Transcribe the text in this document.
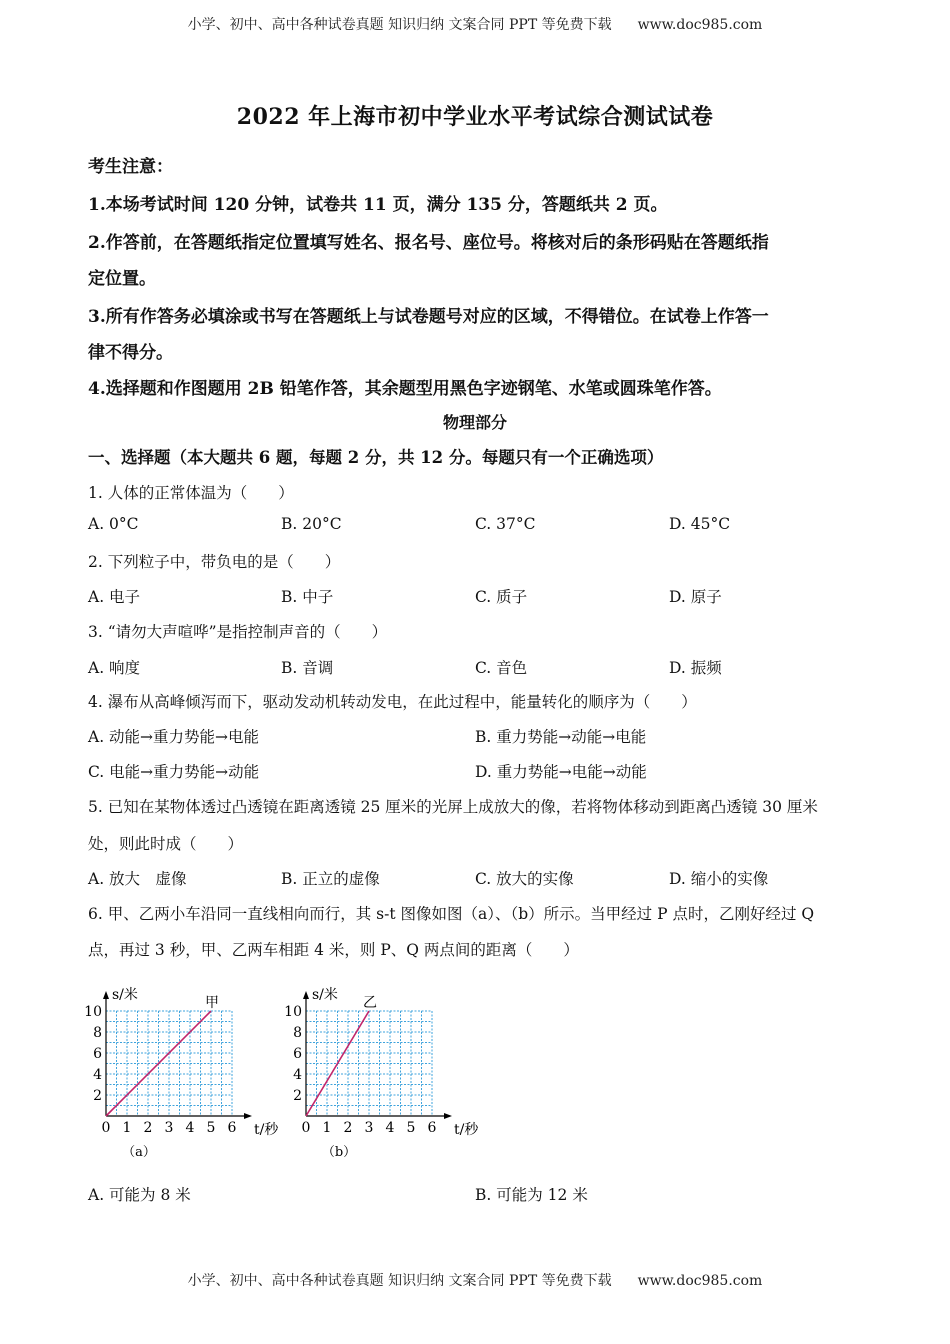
小学、初中、高中各种试卷真题 知识归纳 文案合同 PPT 等免费下载 www.doc985.com
2022 年上海市初中学业水平考试综合测试试卷
考生注意：
1.本场考试时间 120 分钟，试卷共 11 页，满分 135 分，答题纸共 2 页。
2.作答前，在答题纸指定位置填写姓名、报名号、座位号。将核对后的条形码贴在答题纸指
定位置。
3.所有作答务必填涂或书写在答题纸上与试卷题号对应的区域，不得错位。在试卷上作答一
律不得分。
4.选择题和作图题用 2B 铅笔作答，其余题型用黑色字迹钢笔、水笔或圆珠笔作答。
物理部分
一、选择题（本大题共 6 题，每题 2 分，共 12 分。每题只有一个正确选项）
1. 人体的正常体温为（　　）
A. 0°C	B. 20°C	C. 37°C	D. 45°C
2. 下列粒子中，带负电的是（　　）
A. 电子	B. 中子	C. 质子	D. 原子
3. “请勿大声喧哗”是指控制声音的（　　）
A. 响度	B. 音调	C. 音色	D. 振频
4. 瀑布从高峰倾泻而下，驱动发动机转动发电，在此过程中，能量转化的顺序为（　　）
A. 动能→重力势能→电能	B. 重力势能→动能→电能
C. 电能→重力势能→动能	D. 重力势能→电能→动能
5. 已知在某物体透过凸透镜在距离透镜 25 厘米的光屏上成放大的像，若将物体移动到距离凸透镜 30 厘米
处，则此时成（　　）
A. 放大　虚像	B. 正立的虚像	C. 放大的实像	D. 缩小的实像
6. 甲、乙两小车沿同一直线相向而行，其 s-t 图像如图（a）、（b）所示。当甲经过 P 点时，乙刚好经过 Q
点，再过 3 秒，甲、乙两车相距 4 米，则 P、Q 两点间的距离（　　）
0 1 2 3 4 5 6
2
4
6
8
10
s/米
t/秒
甲
（a）
0 1 2 3 4 5 6
2
4
6
8
10
s/米
t/秒
乙
（b）
A. 可能为 8 米	B. 可能为 12 米
小学、初中、高中各种试卷真题 知识归纳 文案合同 PPT 等免费下载 www.doc985.com
